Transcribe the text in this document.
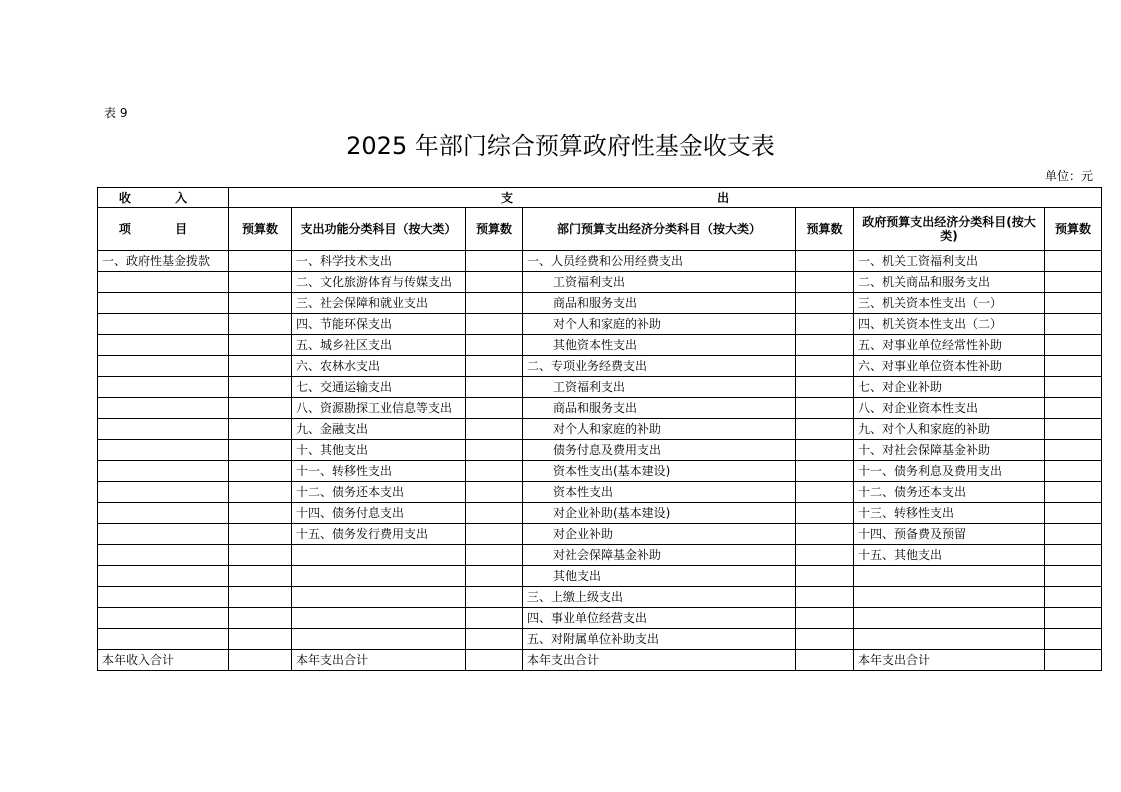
表 9
2025 年部门综合预算政府性基金收支表
单位：元
收 入	支 出						
项 目	预算数	支出功能分类科目（按大类）	预算数	部门预算支出经济分类科目（按大类）	预算数	政府预算支出经济分类科目(按大类)	预算数
一、政府性基金拨款		一、科学技术支出		一、人员经费和公用经费支出		一、机关工资福利支出	
		二、文化旅游体育与传媒支出		工资福利支出		二、机关商品和服务支出	
		三、社会保障和就业支出		商品和服务支出		三、机关资本性支出（一）	
		四、节能环保支出		对个人和家庭的补助		四、机关资本性支出（二）	
		五、城乡社区支出		其他资本性支出		五、对事业单位经常性补助	
		六、农林水支出		二、专项业务经费支出		六、对事业单位资本性补助	
		七、交通运输支出		工资福利支出		七、对企业补助	
		八、资源勘探工业信息等支出		商品和服务支出		八、对企业资本性支出	
		九、金融支出		对个人和家庭的补助		九、对个人和家庭的补助	
		十、其他支出		债务付息及费用支出		十、对社会保障基金补助	
		十一、转移性支出		资本性支出(基本建设)		十一、债务利息及费用支出	
		十二、债务还本支出		资本性支出		十二、债务还本支出	
		十四、债务付息支出		对企业补助(基本建设)		十三、转移性支出	
		十五、债务发行费用支出		对企业补助		十四、预备费及预留	
				对社会保障基金补助		十五、其他支出	
				其他支出			
				三、上缴上级支出			
				四、事业单位经营支出			
				五、对附属单位补助支出			
本年收入合计		本年支出合计		本年支出合计		本年支出合计	
